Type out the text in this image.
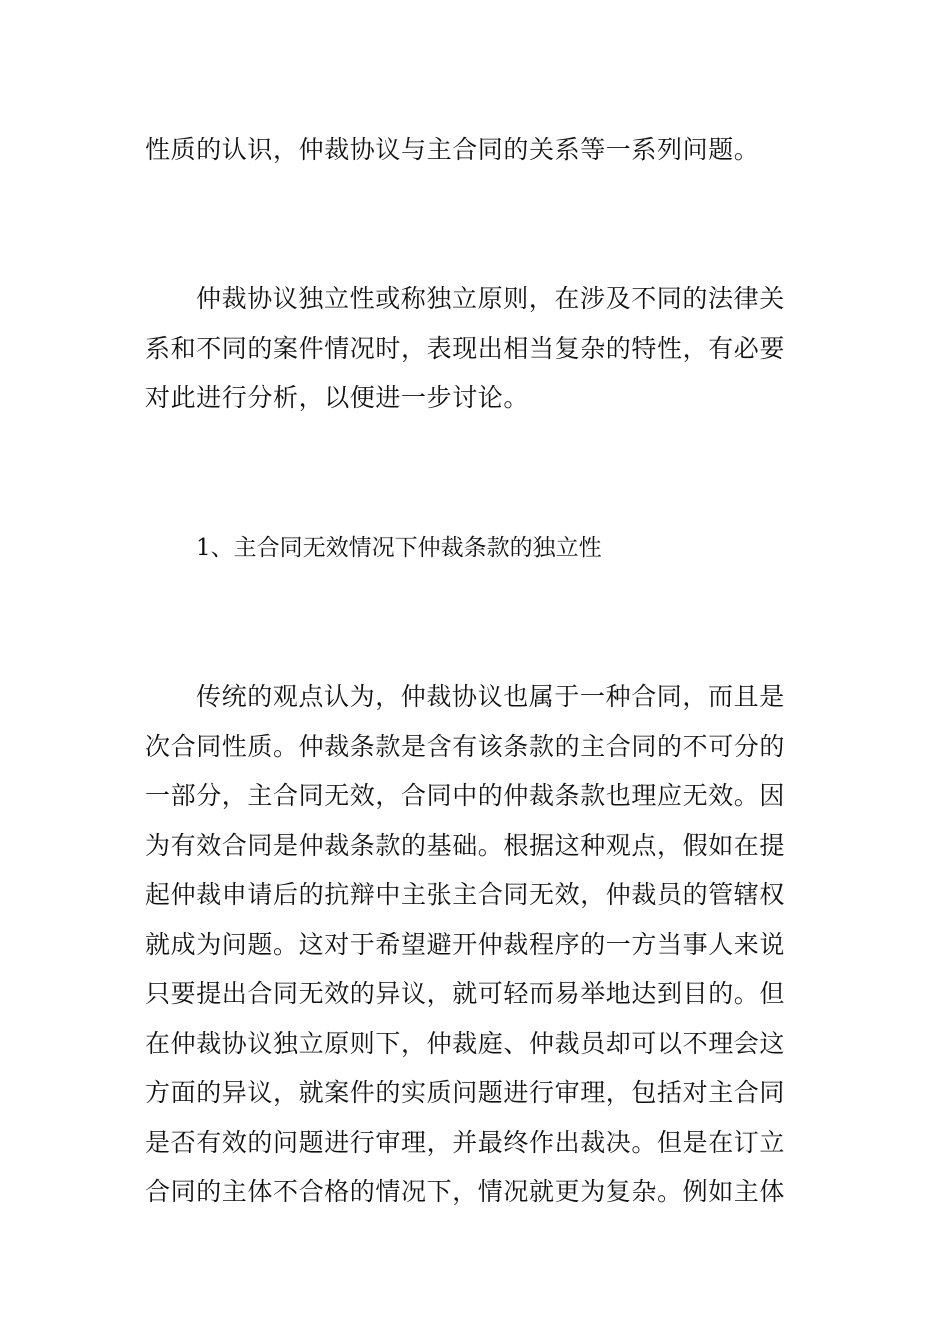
性质的认识，仲裁协议与主合同的关系等一系列问题。

仲裁协议独立性或称独立原则，在涉及不同的法律关
系和不同的案件情况时，表现出相当复杂的特性，有必要
对此进行分析，以便进一步讨论。

1、主合同无效情况下仲裁条款的独立性

传统的观点认为，仲裁协议也属于一种合同，而且是
次合同性质。仲裁条款是含有该条款的主合同的不可分的
一部分，主合同无效，合同中的仲裁条款也理应无效。因
为有效合同是仲裁条款的基础。根据这种观点，假如在提
起仲裁申请后的抗辩中主张主合同无效，仲裁员的管辖权
就成为问题。这对于希望避开仲裁程序的一方当事人来说
只要提出合同无效的异议，就可轻而易举地达到目的。但
在仲裁协议独立原则下，仲裁庭、仲裁员却可以不理会这
方面的异议，就案件的实质问题进行审理，包括对主合同
是否有效的问题进行审理，并最终作出裁决。但是在订立
合同的主体不合格的情况下，情况就更为复杂。例如主体
